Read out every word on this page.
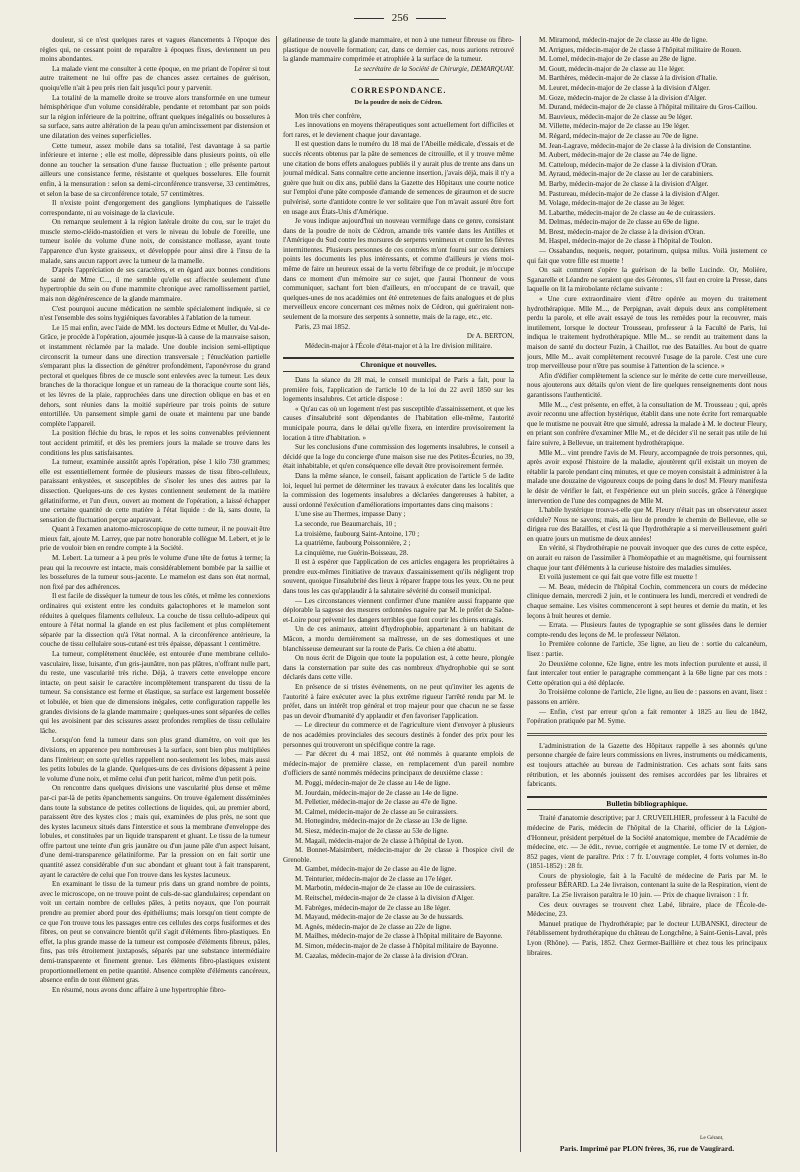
256

douleur, si ce n'est quelques rares et vagues élancements à l'époque des règles qui, ne cessant point de reparaître à époques fixes, deviennent un peu moins abondantes.

La malade vient me consulter à cette époque, en me priant de l'opérer si tout autre traitement ne lui offre pas de chances assez certaines de guérison, quoiqu'elle n'ait à peu près rien fait jusqu'ici pour y parvenir.

La totalité de la mamelle droite se trouve alors transformée en une tumeur hémisphérique d'un volume considérable, pendante et retombant par son poids sur la région inférieure de la poitrine, offrant quelques inégalités ou bosselures à sa surface, sans autre altération de la peau qu'un amincissement par distension et une dilatation des veines superficielles.

Cette tumeur, assez mobile dans sa totalité, l'est davantage à sa partie inférieure et interne ; elle est molle, dépressible dans plusieurs points, où elle donne au toucher la sensation d'une fausse fluctuation ; elle présente partout ailleurs une consistance ferme, résistante et quelques bosselures. Elle fournit enfin, à la mensuration : selon sa demi-circonférence transverse, 33 centimètres, et selon la base de sa circonférence totale, 57 centimètres.

Il n'existe point d'engorgement des ganglions lymphatiques de l'aisselle correspondante, ni au voisinage de la clavicule.

On remarque seulement à la région latérale droite du cou, sur le trajet du muscle sterno-cléido-mastoïdien et vers le niveau du lobule de l'oreille, une tumeur isolée du volume d'une noix, de consistance mollasse, ayant toute l'apparence d'un kyste graisseux, et développée pour ainsi dire à l'insu de la malade, sans aucun rapport avec la tumeur de la mamelle.

D'après l'appréciation de ses caractères, et en égard aux bonnes conditions de santé de Mme C..., il me semble qu'elle est affectée seulement d'une hypertrophie du sein ou d'une mammite chronique avec ramollissement partiel, mais non dégénérescence de la glande mammaire.

C'est pourquoi aucune médication ne semble spécialement indiquée, si ce n'est l'ensemble des soins hygiéniques favorables à l'ablation de la tumeur.

Le 15 mai enfin, avec l'aide de MM. les docteurs Edme et Muller, du Val-de-Grâce, je procède à l'opération, ajournée jusque-là à cause de la mauvaise saison, et instamment réclamée par la malade. Une double incision semi-elliptique circonscrit la tumeur dans une direction transversale ; l'énucléation partielle s'emparant plus la dissection de génétrer profondément, l'aponévrose du grand pectoral et quelques fibres de ce muscle sont enlevées avec la tumeur. Les deux branches de la thoracique longue et un rameau de la thoracique courte sont liés, et les lèvres de la plaie, rapprochées dans une direction oblique en bas et en dehors, sont réunies dans la moitié supérieure par trois points de suture entortillée. Un pansement simple garni de ouate et maintenu par une bande complète l'appareil.

La position fléchie du bras, le repos et les soins convenables préviennent tout accident primitif, et dès les premiers jours la malade se trouve dans les conditions les plus satisfaisantes.

La tumeur, examinée aussitôt après l'opération, pèse 1 kilo 730 grammes; elle est essentiellement formée de plusieurs masses de tissu fibro-celluleux, paraissant enkystées, et susceptibles de s'isoler les unes des autres par la dissection. Quelques-uns de ces kystes contiennent seulement de la matière gélatiniforme, et l'un d'eux, ouvert au moment de l'opération, a laissé échapper une certaine quantité de cette matière à l'état liquide : de là, sans doute, la sensation de fluctuation perçue auparavant.

Quant à l'examen anatomo-microscopique de cette tumeur, il ne pouvait être mieux fait, ajoute M. Larrey, que par notre honorable collègue M. Lebert, et je le prie de vouloir bien en rendre compte à la Société.

M. Lebert. La tumeur a à peu près le volume d'une tête de fœtus à terme; la peau qui la recouvre est intacte, mais considérablement bombée par la saillie et les bosselures de la tumeur sous-jacente. Le mamelon est dans son état normal, non fixé par des adhérences.

Il est facile de disséquer la tumeur de tous les côtés, et même les connexions ordinaires qui existent entre les conduits galactophores et le mamelon sont réduites à quelques filaments celluleux. La couche de tissu cellulo-adipeux qui entoure à l'état normal la glande en est plus facilement et plus complètement séparée par la dissection qu'à l'état normal. A la circonférence antérieure, la couche de tissu cellulaire sous-cutané est très épaisse, dépassant 1 centimètre.

La tumeur, complètement énucléée, est entourée d'une membrane cellulo-vasculaire, lisse, luisante, d'un gris-jaunâtre, non pas plâtres, n'offrant nulle part, du reste, une vascularité très riche. Déjà, à travers cette enveloppe encore intacte, on peut saisir le caractère incomplètement transparent du tissu de la tumeur. Sa consistance est ferme et élastique, sa surface est largement bosselée et lobulée, et bien que de dimensions inégales, cette configuration rappelle les grandes divisions de la glande mammaire ; quelques-unes sont séparées de celles qui les avoisinent par des scissures assez profondes remplies de tissu cellulaire lâche.

Lorsqu'on fend la tumeur dans son plus grand diamètre, on voit que les divisions, en apparence peu nombreuses à la surface, sont bien plus multipliées dans l'intérieur; en sorte qu'elles rappellent non-seulement les lobes, mais aussi les petits lobules de la glande. Quelques-uns de ces divisions dépassent à peine le volume d'une noix, et même celui d'un petit haricot, même d'un petit pois.

On rencontre dans quelques divisions une vascularité plus dense et même par-ci par-là de petits épanchements sanguins. On trouve également disséminées dans toute la substance de petites collections de liquides, qui, au premier abord, paraissent être des kystes clos ; mais qui, examinées de plus près, ne sont que des kystes lacuneux situés dans l'interstice et sous la membrane d'enveloppe des lobules, et constituées par un liquide transparent et gluant. Le tissu de la tumeur offre partout une teinte d'un gris jaunâtre ou d'un jaune pâle d'un aspect luisant, d'une demi-transparence gélatiniforme. Par la pression on en fait sortir une quantité assez considérable d'un suc abondant et gluant tout à fait transparent, ayant le caractère de celui que l'on trouve dans les kystes lacuneux.

En examinant le tissu de la tumeur pris dans un grand nombre de points, avec le microscope, on ne trouve point de culs-de-sac glandulaires; cependant on voit un certain nombre de cellules pâles, à petits noyaux, que l'on pourrait prendre au premier abord pour des épithéliums; mais lorsqu'on tient compte de ce que l'on trouve tous les passages entre ces cellules des corps fusiformes et des fibres, on peut se convaincre bientôt qu'il s'agit d'éléments fibro-plastiques. En effet, la plus grande masse de la tumeur est composée d'éléments fibreux, pâles, fins, pas très étroitement juxtaposés, séparés par une substance intermédiaire demi-transparente et finement grenue. Les éléments fibro-plastiques existent proportionnellement en petite quantité. Absence complète d'éléments cancéreux, absence enfin de tout élément gras.

En résumé, nous avons donc affaire à une hypertrophie fibro-

gélatineuse de toute la glande mammaire, et non à une tumeur fibreuse ou fibro-plastique de nouvelle formation; car, dans ce dernier cas, nous aurions retrouvé la glande mammaire comprimée et atrophiée à la surface de la tumeur.

Le secrétaire de la Société de Chirurgie, DEMARQUAY.

CORRESPONDANCE.
De la poudre de noix de Cédron.

Mon très cher confrère,

Les innovations en moyens thérapeutiques sont actuellement fort difficiles et fort rares, et le devienent chaque jour davantage.

Il est question dans le numéro du 18 mai de l'Abeille médicale, d'essais et de succès récents obtenus par la pâte de semences de citrouille, et il y trouve même une citation de bons effets analogues publiés il y aurait plus de trente ans dans un journal médical. Sans connaître cette ancienne insertion, j'avais déjà, mais il n'y a guère que huit ou dix ans, publié dans la Gazette des Hôpitaux une courte notice sur l'emploi d'une pâte composée d'amande de semences de giraumon et de sucre pulvérisé, sorte d'antidote contre le ver solitaire que l'on m'avait assuré être fort en usage aux États-Unis d'Amérique.

Je vous indique aujourd'hui un nouveau vermifuge dans ce genre, consistant dans de la poudre de noix de Cédron, amande très vantée dans les Antilles et l'Amérique du Sud contre les morsures de serpents venimeux et contre les fièvres intermittentes. Plusieurs personnes de ces contrées m'ont fourni sur ces derniers points les documents les plus intéressants, et comme d'ailleurs je viens moi-même de faire un heureux essai de la vertu fébrifuge de ce produit, je m'occupe dans ce moment d'un mémoire sur ce sujet, que j'aurai l'honneur de vous communiquer, sachant fort bien d'ailleurs, en m'occupant de ce travail, que quelques-unes de nos académies ont été entretenues de faits analogues et de plus merveilleux encore concernant ces mêmes noix de Cédron, qui guériraient non-seulement de la morsure des serpents à sonnette, mais de la rage, etc., etc.

Paris, 23 mai 1852.

Dr A. BERTON,

Médecin-major à l'École d'état-major et à la 1re division militaire.

Chronique et nouvelles.

Dans la séance du 28 mai, le conseil municipal de Paris a fait, pour la première fois, l'application de l'article 10 de la loi du 22 avril 1850 sur les logements insalubres. Cet article dispose :

« Qu'au cas où un logement n'est pas susceptible d'assainissement, et que les causes d'insalubrité sont dépendantes de l'habitation elle-même, l'autorité municipale pourra, dans le délai qu'elle fixera, en interdire provisoirement la location à titre d'habitation. »

Sur les conclusions d'une commission des logements insalubres, le conseil a décidé que la loge du concierge d'une maison sise rue des Petites-Écuries, no 39, était inhabitable, et qu'en conséquence elle devait être provisoirement fermée.

Dans la même séance, le conseil, faisant application de l'article 5 de ladite loi, lequel lui permet de déterminer les travaux à exécuter dans les localités que la commission des logements insalubres a déclarées dangereuses à habiter, a aussi ordonné l'exécution d'améliorations importantes dans cinq maisons :

L'une sise au Thermes, impasse Dany ;

La seconde, rue Beaumarchais, 10 ;

La troisième, faubourg Saint-Antoine, 170 ;

La quatrième, faubourg Poissonnière, 2 ;

La cinquième, rue Guérin-Boisseau, 28.

Il est à espérer que l'application de ces articles engagera les propriétaires à prendre eux-mêmes l'initiative de travaux d'assainissement qu'ils négligent trop souvent, quoique l'insalubrité des lieux à réparer frappe tous les yeux. On ne peut dans tous les cas qu'applaudir à la salutaire sévérité du conseil municipal.

— Les circonstances viennent confirmer d'une manière aussi frappante que déplorable la sagesse des mesures ordonnées naguère par M. le préfet de Saône-et-Loire pour prévenir les dangers terribles que font courir les chiens enragés.

Un de ces animaux, atteint d'hydrophobie, appartenant à un habitant de Mâcon, a mordu dernièrement sa maîtresse, un de ses domestiques et une blanchisseuse demeurant sur la route de Paris. Ce chien a été abattu.

On nous écrit de Digoin que toute la population est, à cette heure, plongée dans la consternation par suite des cas nombreux d'hydrophobie qui se sont déclarés dans cette ville.

En présence de si tristes événements, on ne peut qu'inviter les agents de l'autorité à faire exécuter avec la plus extrême rigueur l'arrêté rendu par M. le préfet, dans un intérêt trop général et trop majeur pour que chacun ne se fasse pas un devoir d'humanité d'y applaudir et d'en favoriser l'application.

— Le directeur du commerce et de l'agriculture vient d'envoyer à plusieurs de nos académies provinciales des secours destinés à fonder des prix pour les personnes qui trouveront un spécifique contre la rage.

— Par décret du 4 mai 1852, ont été nommés à quarante emplois de médecin-major de première classe, en remplacement d'un pareil nombre d'officiers de santé nommés médecins principaux de deuxième classe :

M. Poggi, médecin-major de 2e classe au 14e de ligne.

M. Jourdain, médecin-major de 2e classe au 14e de ligne.

M. Pelletier, médecin-major de 2e classe au 47e de ligne.

M. Calmel, médecin-major de 2e classe au 5e cuirassiers.

M. Hottegindre, médecin-major de 2e classe au 13e de ligne.

M. Siesz, médecin-major de 2e classe au 53e de ligne.

M. Magail, médecin-major de 2e classe à l'hôpital de Lyon.

M. Bonnet-Maisimbert, médecin-major de 2e classe à l'hospice civil de Grenoble.

M. Gambet, médecin-major de 2e classe au 41e de ligne.

M. Teinturier, médecin-major de 2e classe au 17e léger.

M. Marbotin, médecin-major de 2e classe au 10e de cuirassiers.

M. Reitschel, médecin-major de 2e classe à la division d'Alger.

M. Fabrèges, médecin-major de 2e classe au 18e léger.

M. Mayaud, médecin-major de 2e classe au 3e de hussards.

M. Agnès, médecin-major de 2e classe au 22e de ligne.

M. Mailhes, médecin-major de 2e classe à l'hôpital militaire de Bayonne.

M. Simon, médecin-major de 2e classe à l'hôpital militaire de Bayonne.

M. Cazalas, médecin-major de 2e classe à la division d'Oran.

M. Miramond, médecin-major de 2e classe au 40e de ligne.

M. Arrigues, médecin-major de 2e classe à l'hôpital militaire de Rouen.

M. Lomel, médecin-major de 2e classe au 28e de ligne.

M. Goutt, médecin-major de 2e classe au 11e léger.

M. Barthères, médecin-major de 2e classe à la division d'Italie.

M. Leuret, médecin-major de 2e classe à la division d'Alger.

M. Goze, médecin-major de 2e classe à la division d'Alger.

M. Durand, médecin-major de 2e classe à l'hôpital militaire du Gros-Caillou.

M. Bauvieux, médecin-major de 2e classe au 9e léger.

M. Villette, médecin-major de 2e classe au 19e léger.

M. Régard, médecin-major de 2e classe au 70e de ligne.

M. Jean-Lagrave, médecin-major de 2e classe à la division de Constantine.

M. Aubert, médecin-major de 2e classe au 74e de ligne.

M. Catteloup, médecin-major de 2e classe à la division d'Oran.

M. Ayraud, médecin-major de 2e classe au 1er de carabiniers.

M. Barby, médecin-major de 2e classe à la division d'Alger.

M. Pastureau, médecin-major de 2e classe à la division d'Alger.

M. Volage, médecin-major de 2e classe au 3e léger.

M. Labarthe, médecin-major de 2e classe au 4e de cuirassiers.

M. Delmas, médecin-major de 2e classe au 69e de ligne.

M. Brest, médecin-major de 2e classe à la division d'Oran.

M. Haspel, médecin-major de 2e classe à l'hôpital de Toulon.

— Ossabandus, nequeis, nequer, potarinum, quipsa milus. Voilà justement ce qui fait que votre fille est muette !

On sait comment s'opère la guérison de la belle Lucinde. Or, Molière, Sganarelle et Léandre ne seraient que des Gérontes, s'il faut en croire la Presse, dans laquelle on lit la mirobolante réclame suivante :

« Une cure extraordinaire vient d'être opérée au moyen du traitement hydrothérapique. Mlle M..., de Perpignan, avait depuis deux ans complètement perdu la parole, et elle avait essayé de tous les remèdes pour la recouvrer, mais inutilement, lorsque le docteur Trousseau, professeur à la Faculté de Paris, lui indiqua le traitement hydrothérapique. Mlle M... se rendit au traitement dans la maison de santé du docteur Fuzin, à Chaillot, rue des Batailles. Au bout de quatre jours, Mlle M... avait complètement recouvré l'usage de la parole. C'est une cure trop merveilleuse pour n'être pas soumise à l'attention de la science. »

Afin d'édifier complètement la science sur le mérite de cette cure merveilleuse, nous ajouterons aux détails qu'on vient de lire quelques renseignements dont nous garantissons l'authenticité.

Mlle M..., c'est présente, en effet, à la consultation de M. Trousseau ; qui, après avoir reconnu une affection hystérique, établit dans une note écrite fort remarquable que le mutisme ne pouvait être que simulé, adressa la malade à M. le docteur Fleury, en priant son confrère d'examiner Mlle M., et de décider s'il ne serait pas utile de lui faire suivre, à Bellevue, un traitement hydrothérapique.

Mlle M... vint prendre l'avis de M. Fleury, accompagnée de trois personnes, qui, après avoir exposé l'histoire de la maladie, ajoutèrent qu'il existait un moyen de rétablir la parole pendant cinq minutes, et que ce moyen consistait à administrer à la malade une douzaine de vigoureux coups de poing dans le dos! M. Fleury manifesta le désir de vérifier le fait, et l'expérience eut un plein succès, grâce à l'énergique intervention de l'une des compagnes de Mlle M.

L'habile hystérique trouva-t-elle que M. Fleury n'était pas un observateur assez crédule? Nous ne savons; mais, au lieu de prendre le chemin de Bellevue, elle se dirigea rue des Batailles, et c'est là que l'hydrothérapie a si merveilleusement guéri en quatre jours un mutisme de deux années!

En vérité, si l'hydrothérapie ne pouvait invoquer que des cures de cette espèce, on aurait eu raison de l'assimiler à l'homéopathie et au magnétisme, qui fournissent chaque jour tant d'éléments à la curieuse histoire des maladies simulées.

Et voilà justement ce qui fait que votre fille est muette !

— M. Beau, médecin de l'hôpital Cochin, commencera un cours de médecine clinique demain, mercredi 2 juin, et le continuera les lundi, mercredi et vendredi de chaque semaine. Les visites commenceront à sept heures et demie du matin, et les leçons à huit heures et demie.

— Errata. — Plusieurs fautes de typographie se sont glissées dans le dernier compte-rendu des leçons de M. le professeur Nélaton.

1o Première colonne de l'article, 35e ligne, au lieu de : sortie du calcanéum, lisez : partie.

2o Deuxième colonne, 62e ligne, entre les mots infection purulente et aussi, il faut intercaler tout entier le paragraphe commençant à la 68e ligne par ces mots : Cette opération qui a été déplacée.

3o Troisième colonne de l'article, 21e ligne, au lieu de : passons en avant, lisez : passons en arrière.

— Enfin, c'est par erreur qu'on a fait remonter à 1825 au lieu de 1842, l'opération pratiquée par M. Syme.

L'administration de la Gazette des Hôpitaux rappelle à ses abonnés qu'une personne chargée de faire leurs commissions en livres, instruments ou médicaments, est toujours attachée au bureau de l'administration. Ces achats sont faits sans rétribution, et les abonnés jouissent des remises accordées par les libraires et fabricants.

Bulletin bibliographique.

Traité d'anatomie descriptive; par J. CRUVEILHIER, professeur à la Faculté de médecine de Paris, médecin de l'hôpital de la Charité, officier de la Légion-d'Honneur, président perpétuel de la Société anatomique, membre de l'Académie de médecine, etc. — 3e édit., revue, corrigée et augmentée. Le tome IV et dernier, de 852 pages, vient de paraître. Prix : 7 fr. L'ouvrage complet, 4 forts volumes in-8o (1851-1852) : 28 fr.

Cours de physiologie, fait à la Faculté de médecine de Paris par M. le professeur BÉRARD. La 24e livraison, contenant la suite de la Respiration, vient de paraître. La 25e livraison paraîtra le 10 juin. — Prix de chaque livraison : 1 fr.

Ces deux ouvrages se trouvent chez Labé, libraire, place de l'École-de-Médecine, 23.

Manuel pratique de l'hydrothérapie; par le docteur LUBANSKI, directeur de l'établissement hydrothérapique du château de Longchêne, à Saint-Genis-Laval, près Lyon (Rhône). — Paris, 1852. Chez Germer-Baillière et chez tous les principaux libraires.

Le Gérant,
Paris. Imprimé par PLON frères, 36, rue de Vaugirard.
